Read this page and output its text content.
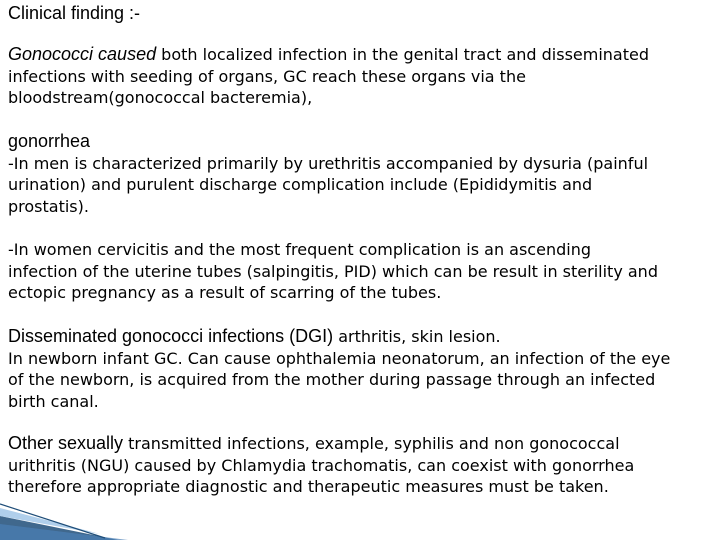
Clinical finding :-
Gonococci caused both localized infection in the genital tract and disseminated
infections with seeding of organs, GC reach these organs via the
bloodstream(gonococcal bacteremia),
gonorrhea
-In men is characterized primarily by urethritis accompanied by dysuria (painful
urination) and purulent discharge complication include (Epididymitis and
prostatis).
-In women cervicitis and the most frequent complication is an ascending
infection of the uterine tubes (salpingitis, PID) which can be result in sterility and
ectopic pregnancy as a result of scarring of the tubes.
Disseminated gonococci infections (DGI) arthritis, skin lesion.
In newborn infant GC. Can cause ophthalemia neonatorum, an infection of the eye
of the newborn, is acquired from the mother during passage through an infected
birth canal.
Other sexually transmitted infections, example, syphilis and non gonococcal
urithritis (NGU) caused by Chlamydia trachomatis, can coexist with gonorrhea
therefore appropriate diagnostic and therapeutic measures must be taken.
